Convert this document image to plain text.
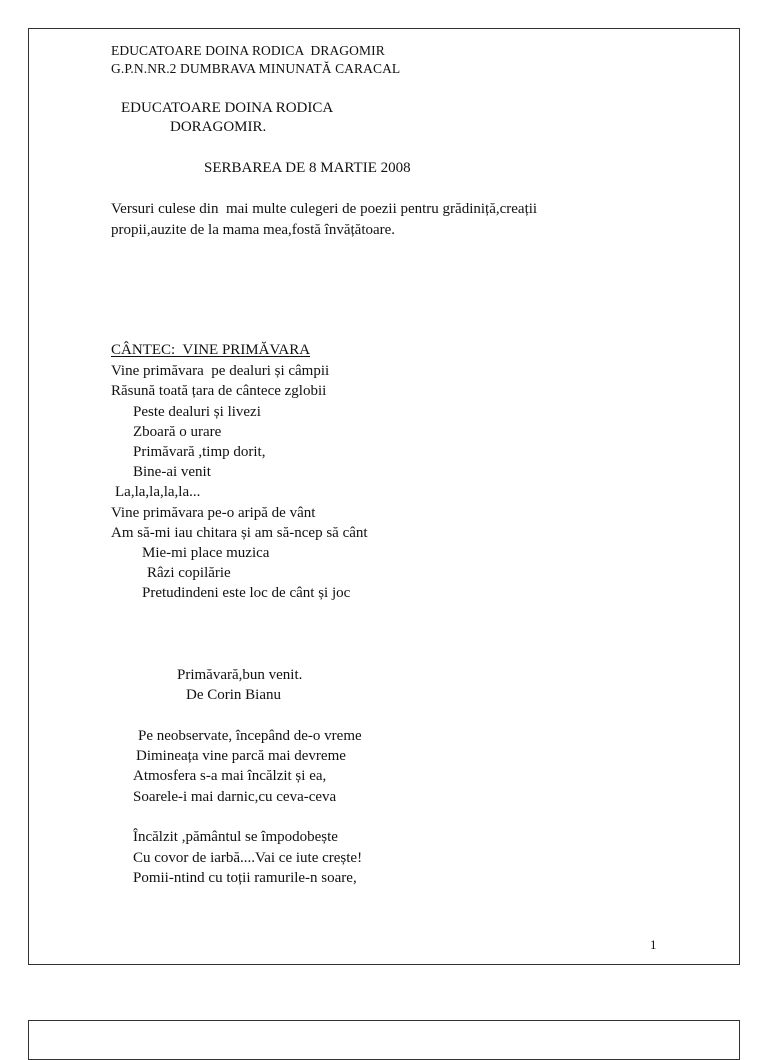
EDUCATOARE DOINA RODICA  DRAGOMIR
G.P.N.NR.2 DUMBRAVA MINUNATĂ CARACAL
EDUCATOARE DOINA RODICA
DORAGOMIR.
SERBAREA DE 8 MARTIE 2008
Versuri culese din  mai multe culegeri de poezii pentru grădiniță,creații
propii,auzite de la mama mea,fostă învățătoare.
CÂNTEC:  VINE PRIMĂVARA
Vine primăvara  pe dealuri și câmpii
Răsună toată țara de cântece zglobii
Peste dealuri și livezi
Zboară o urare
Primăvară ,timp dorit,
Bine-ai venit
La,la,la,la,la...
Vine primăvara pe-o aripă de vânt
Am să-mi iau chitara și am să-ncep să cânt
Mie-mi place muzica
Râzi copilărie
Pretudindeni este loc de cânt și joc
Primăvară,bun venit.
De Corin Bianu
Pe neobservate, începând de-o vreme
Dimineața vine parcă mai devreme
Atmosfera s-a mai încălzit și ea,
Soarele-i mai darnic,cu ceva-ceva
Încălzit ,pământul se împodobește
Cu covor de iarbă....Vai ce iute crește!
Pomii-ntind cu toții ramurile-n soare,
1
